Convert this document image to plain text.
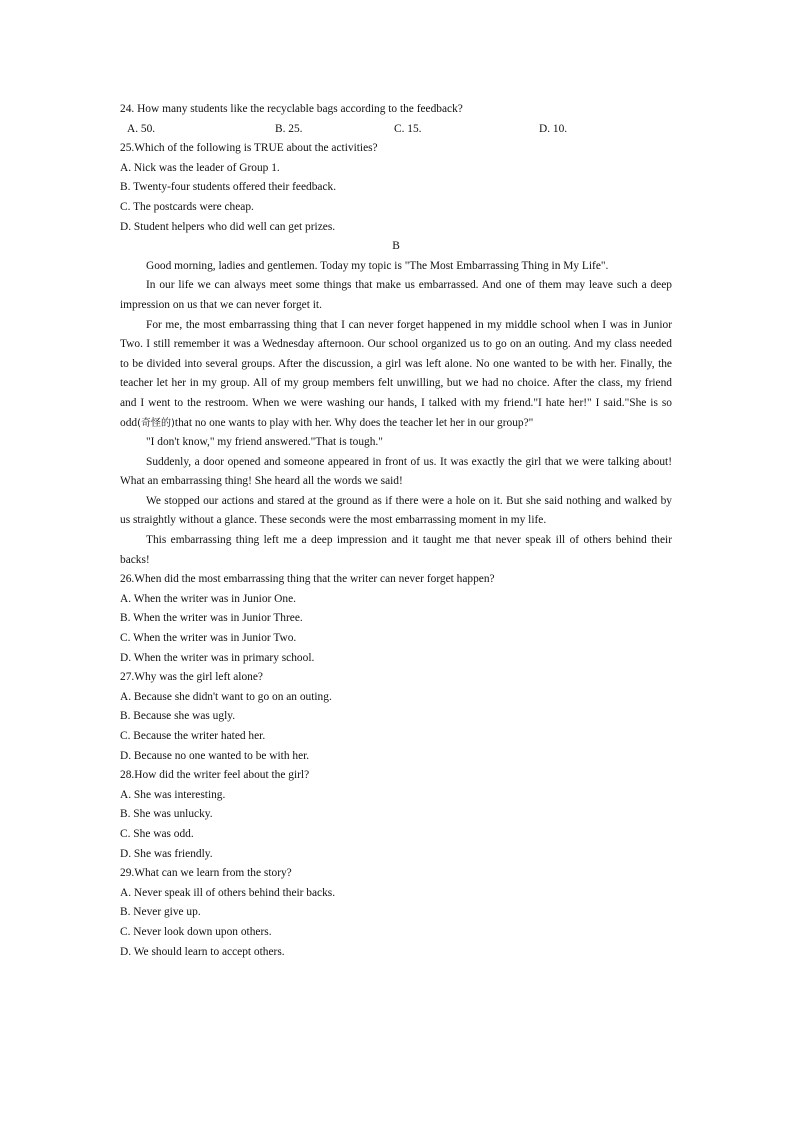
24. How many students like the recyclable bags according to the feedback?
A. 50.	B. 25.	C. 15.	D. 10.
25.Which of the following is TRUE about the activities?
A. Nick was the leader of Group 1.
B. Twenty-four students offered their feedback.
C. The postcards were cheap.
D. Student helpers who did well can get prizes.
B
Good morning, ladies and gentlemen. Today my topic is "The Most Embarrassing Thing in My Life".
In our life we can always meet some things that make us embarrassed. And one of them may leave such a deep impression on us that we can never forget it.
For me, the most embarrassing thing that I can never forget happened in my middle school when I was in Junior Two. I still remember it was a Wednesday afternoon. Our school organized us to go on an outing. And my class needed to be divided into several groups. After the discussion, a girl was left alone. No one wanted to be with her. Finally, the teacher let her in my group. All of my group members felt unwilling, but we had no choice. After the class, my friend and I went to the restroom. When we were washing our hands, I talked with my friend."I hate her!" I said."She is so odd(奇怪的)that no one wants to play with her. Why does the teacher let her in our group?"
"I don't know," my friend answered."That is tough."
Suddenly, a door opened and someone appeared in front of us. It was exactly the girl that we were talking about! What an embarrassing thing! She heard all the words we said!
We stopped our actions and stared at the ground as if there were a hole on it. But she said nothing and walked by us straightly without a glance. These seconds were the most embarrassing moment in my life.
This embarrassing thing left me a deep impression and it taught me that never speak ill of others behind their backs!
26.When did the most embarrassing thing that the writer can never forget happen?
A. When the writer was in Junior One.
B. When the writer was in Junior Three.
C. When the writer was in Junior Two.
D. When the writer was in primary school.
27.Why was the girl left alone?
A. Because she didn't want to go on an outing.
B. Because she was ugly.
C. Because the writer hated her.
D. Because no one wanted to be with her.
28.How did the writer feel about the girl?
A. She was interesting.
B. She was unlucky.
C. She was odd.
D. She was friendly.
29.What can we learn from the story?
A. Never speak ill of others behind their backs.
B. Never give up.
C. Never look down upon others.
D. We should learn to accept others.
